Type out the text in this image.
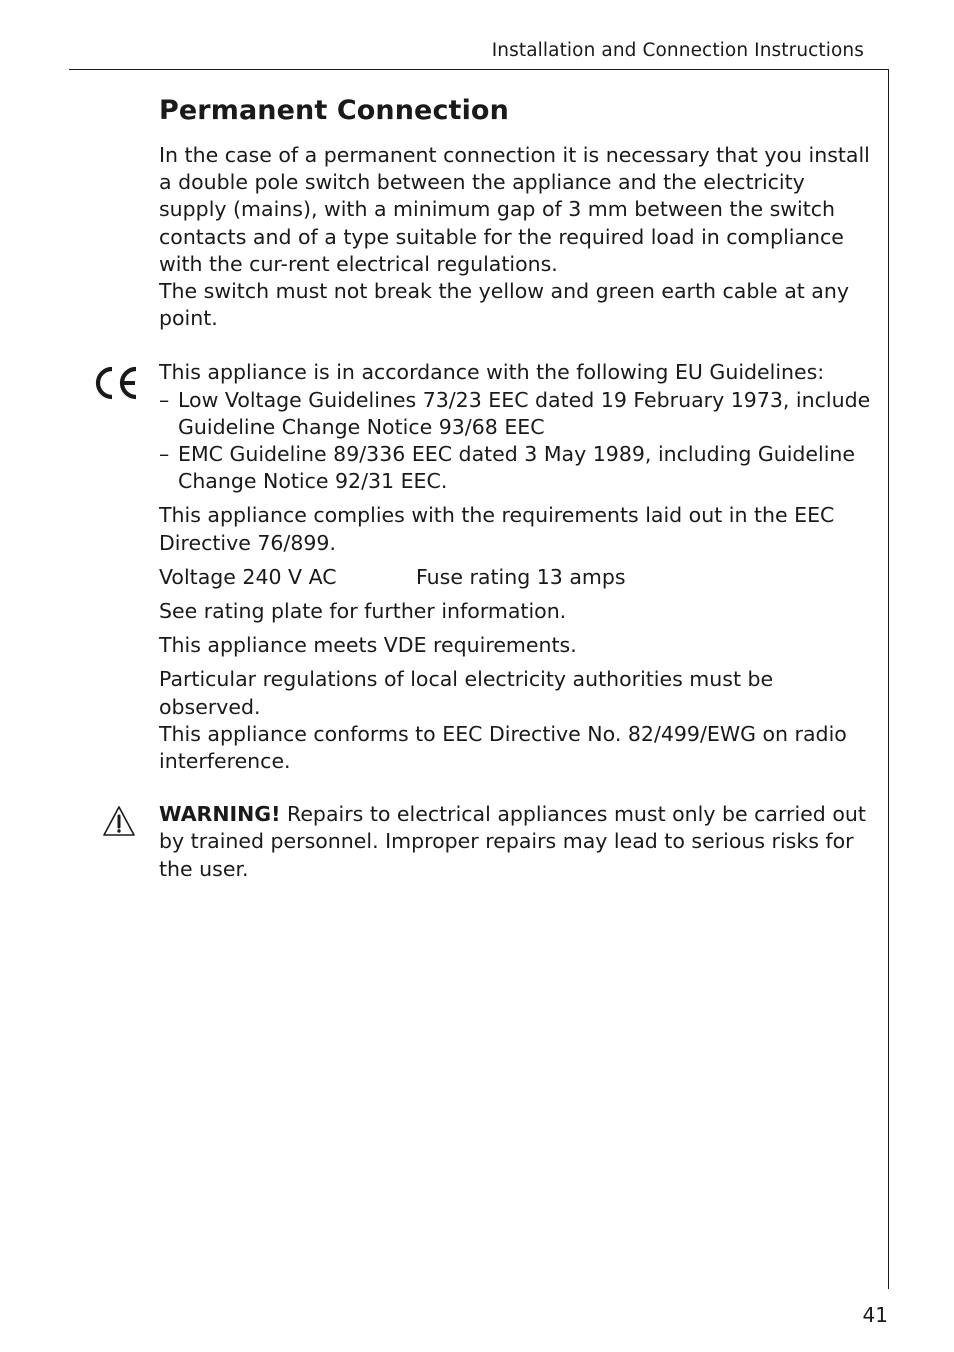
Installation and Connection Instructions
Permanent Connection

In the case of a permanent connection it is necessary that you install a double pole switch between the appliance and the electricity supply (mains), with a minimum gap of 3 mm between the switch contacts and of a type suitable for the required load in compliance with the cur-rent electrical regulations.

The switch must not break the yellow and green earth cable at any point.

This appliance is in accordance with the following EU Guidelines:

– Low Voltage Guidelines 73/23 EEC dated 19 February 1973, include Guideline Change Notice 93/68 EEC
– EMC Guideline 89/336 EEC dated 3 May 1989, including Guideline Change Notice 92/31 EEC.

This appliance complies with the requirements laid out in the EEC Directive 76/899.

Voltage 240 V AC	Fuse rating 13 amps

See rating plate for further information.

This appliance meets VDE requirements.

Particular regulations of local electricity authorities must be observed.

This appliance conforms to EEC Directive No. 82/499/EWG on radio interference.

WARNING! Repairs to electrical appliances must only be carried out by trained personnel. Improper repairs may lead to serious risks for the user.

41
